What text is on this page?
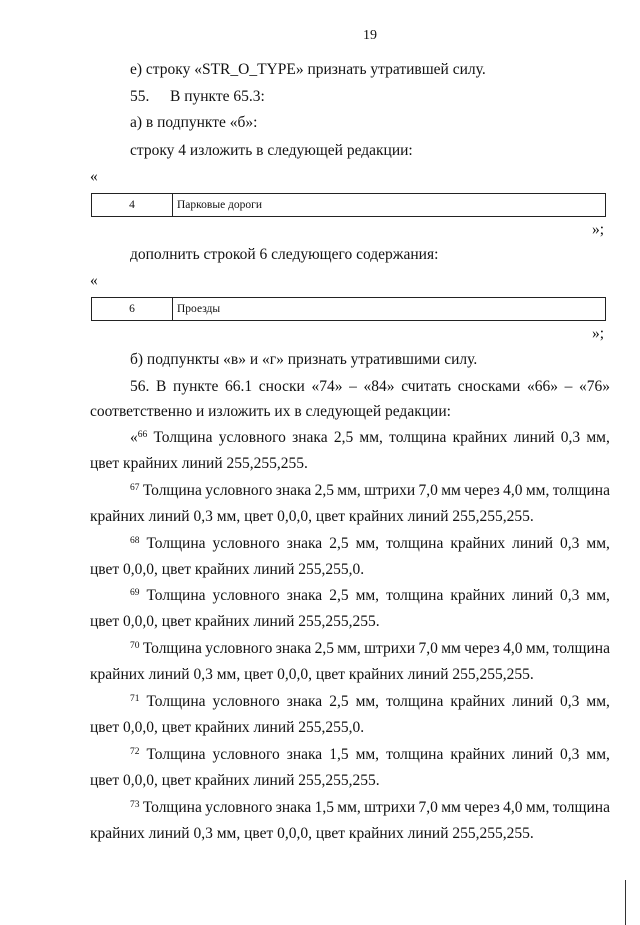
19
е) строку «STR_O_TYPE» признать утратившей силу.
55. В пункте 65.3:
а) в подпункте «б»:
строку 4 изложить в следующей редакции:
«
4	Парковые дороги
»;
дополнить строкой 6 следующего содержания:
«
6	Проезды
»;
б) подпункты «в» и «г» признать утратившими силу.
56. В пункте 66.1 сноски «74» – «84» считать сносками «66» – «76»
соответственно и изложить их в следующей редакции:
«$^{66}$ Толщина условного знака 2,5 мм, толщина крайних линий 0,3 мм,
цвет крайних линий 255,255,255.
$^{67}$ Толщина условного знака 2,5 мм, штрихи 7,0 мм через 4,0 мм, толщина
крайних линий 0,3 мм, цвет 0,0,0, цвет крайних линий 255,255,255.
$^{68}$ Толщина условного знака 2,5 мм, толщина крайних линий 0,3 мм,
цвет 0,0,0, цвет крайних линий 255,255,0.
$^{69}$ Толщина условного знака 2,5 мм, толщина крайних линий 0,3 мм,
цвет 0,0,0, цвет крайних линий 255,255,255.
$^{70}$ Толщина условного знака 2,5 мм, штрихи 7,0 мм через 4,0 мм, толщина
крайних линий 0,3 мм, цвет 0,0,0, цвет крайних линий 255,255,255.
$^{71}$ Толщина условного знака 2,5 мм, толщина крайних линий 0,3 мм,
цвет 0,0,0, цвет крайних линий 255,255,0.
$^{72}$ Толщина условного знака 1,5 мм, толщина крайних линий 0,3 мм,
цвет 0,0,0, цвет крайних линий 255,255,255.
$^{73}$ Толщина условного знака 1,5 мм, штрихи 7,0 мм через 4,0 мм, толщина
крайних линий 0,3 мм, цвет 0,0,0, цвет крайних линий 255,255,255.
